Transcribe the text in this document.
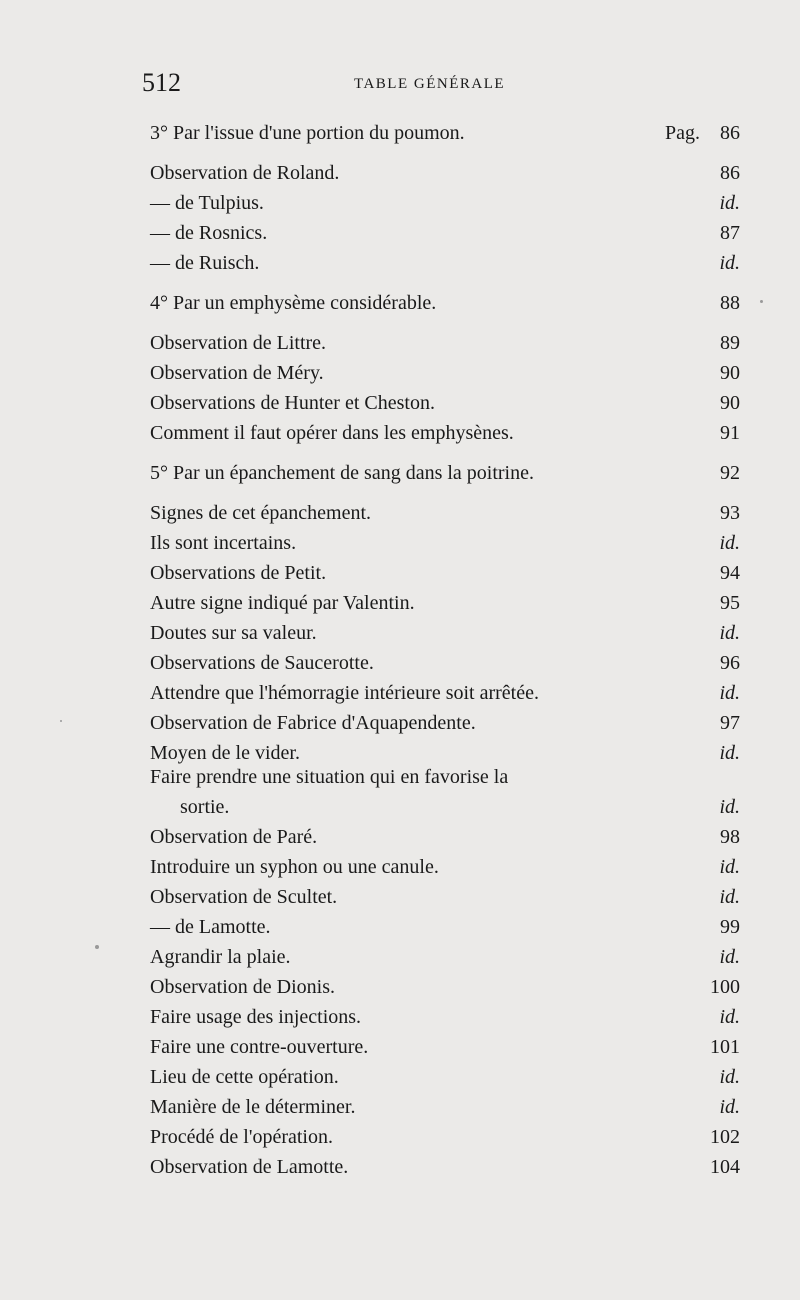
512	TABLE GÉNÉRALE
3° Par l'issue d'une portion du poumon.	Pag. 86
Observation de Roland.	86
— de Tulpius.	id.
— de Rosnics.	87
— de Ruisch.	id.
4° Par un emphysème considérable.	88
Observation de Littre.	89
Observation de Méry.	90
Observations de Hunter et Cheston.	90
Comment il faut opérer dans les emphysènes.	91
5° Par un épanchement de sang dans la poitrine.	92
Signes de cet épanchement.	93
Ils sont incertains.	id.
Observations de Petit.	94
Autre signe indiqué par Valentin.	95
Doutes sur sa valeur.	id.
Observations de Saucerotte.	96
Attendre que l'hémorragie intérieure soit arrêtée.	id.
Observation de Fabrice d'Aquapendente.	97
Moyen de le vider.	id.
Faire prendre une situation qui en favorise la
sortie.	id.
Observation de Paré.	98
Introduire un syphon ou une canule.	id.
Observation de Scultet.	id.
— de Lamotte.	99
Agrandir la plaie.	id.
Observation de Dionis.	100
Faire usage des injections.	id.
Faire une contre-ouverture.	101
Lieu de cette opération.	id.
Manière de le déterminer.	id.
Procédé de l'opération.	102
Observation de Lamotte.	104
